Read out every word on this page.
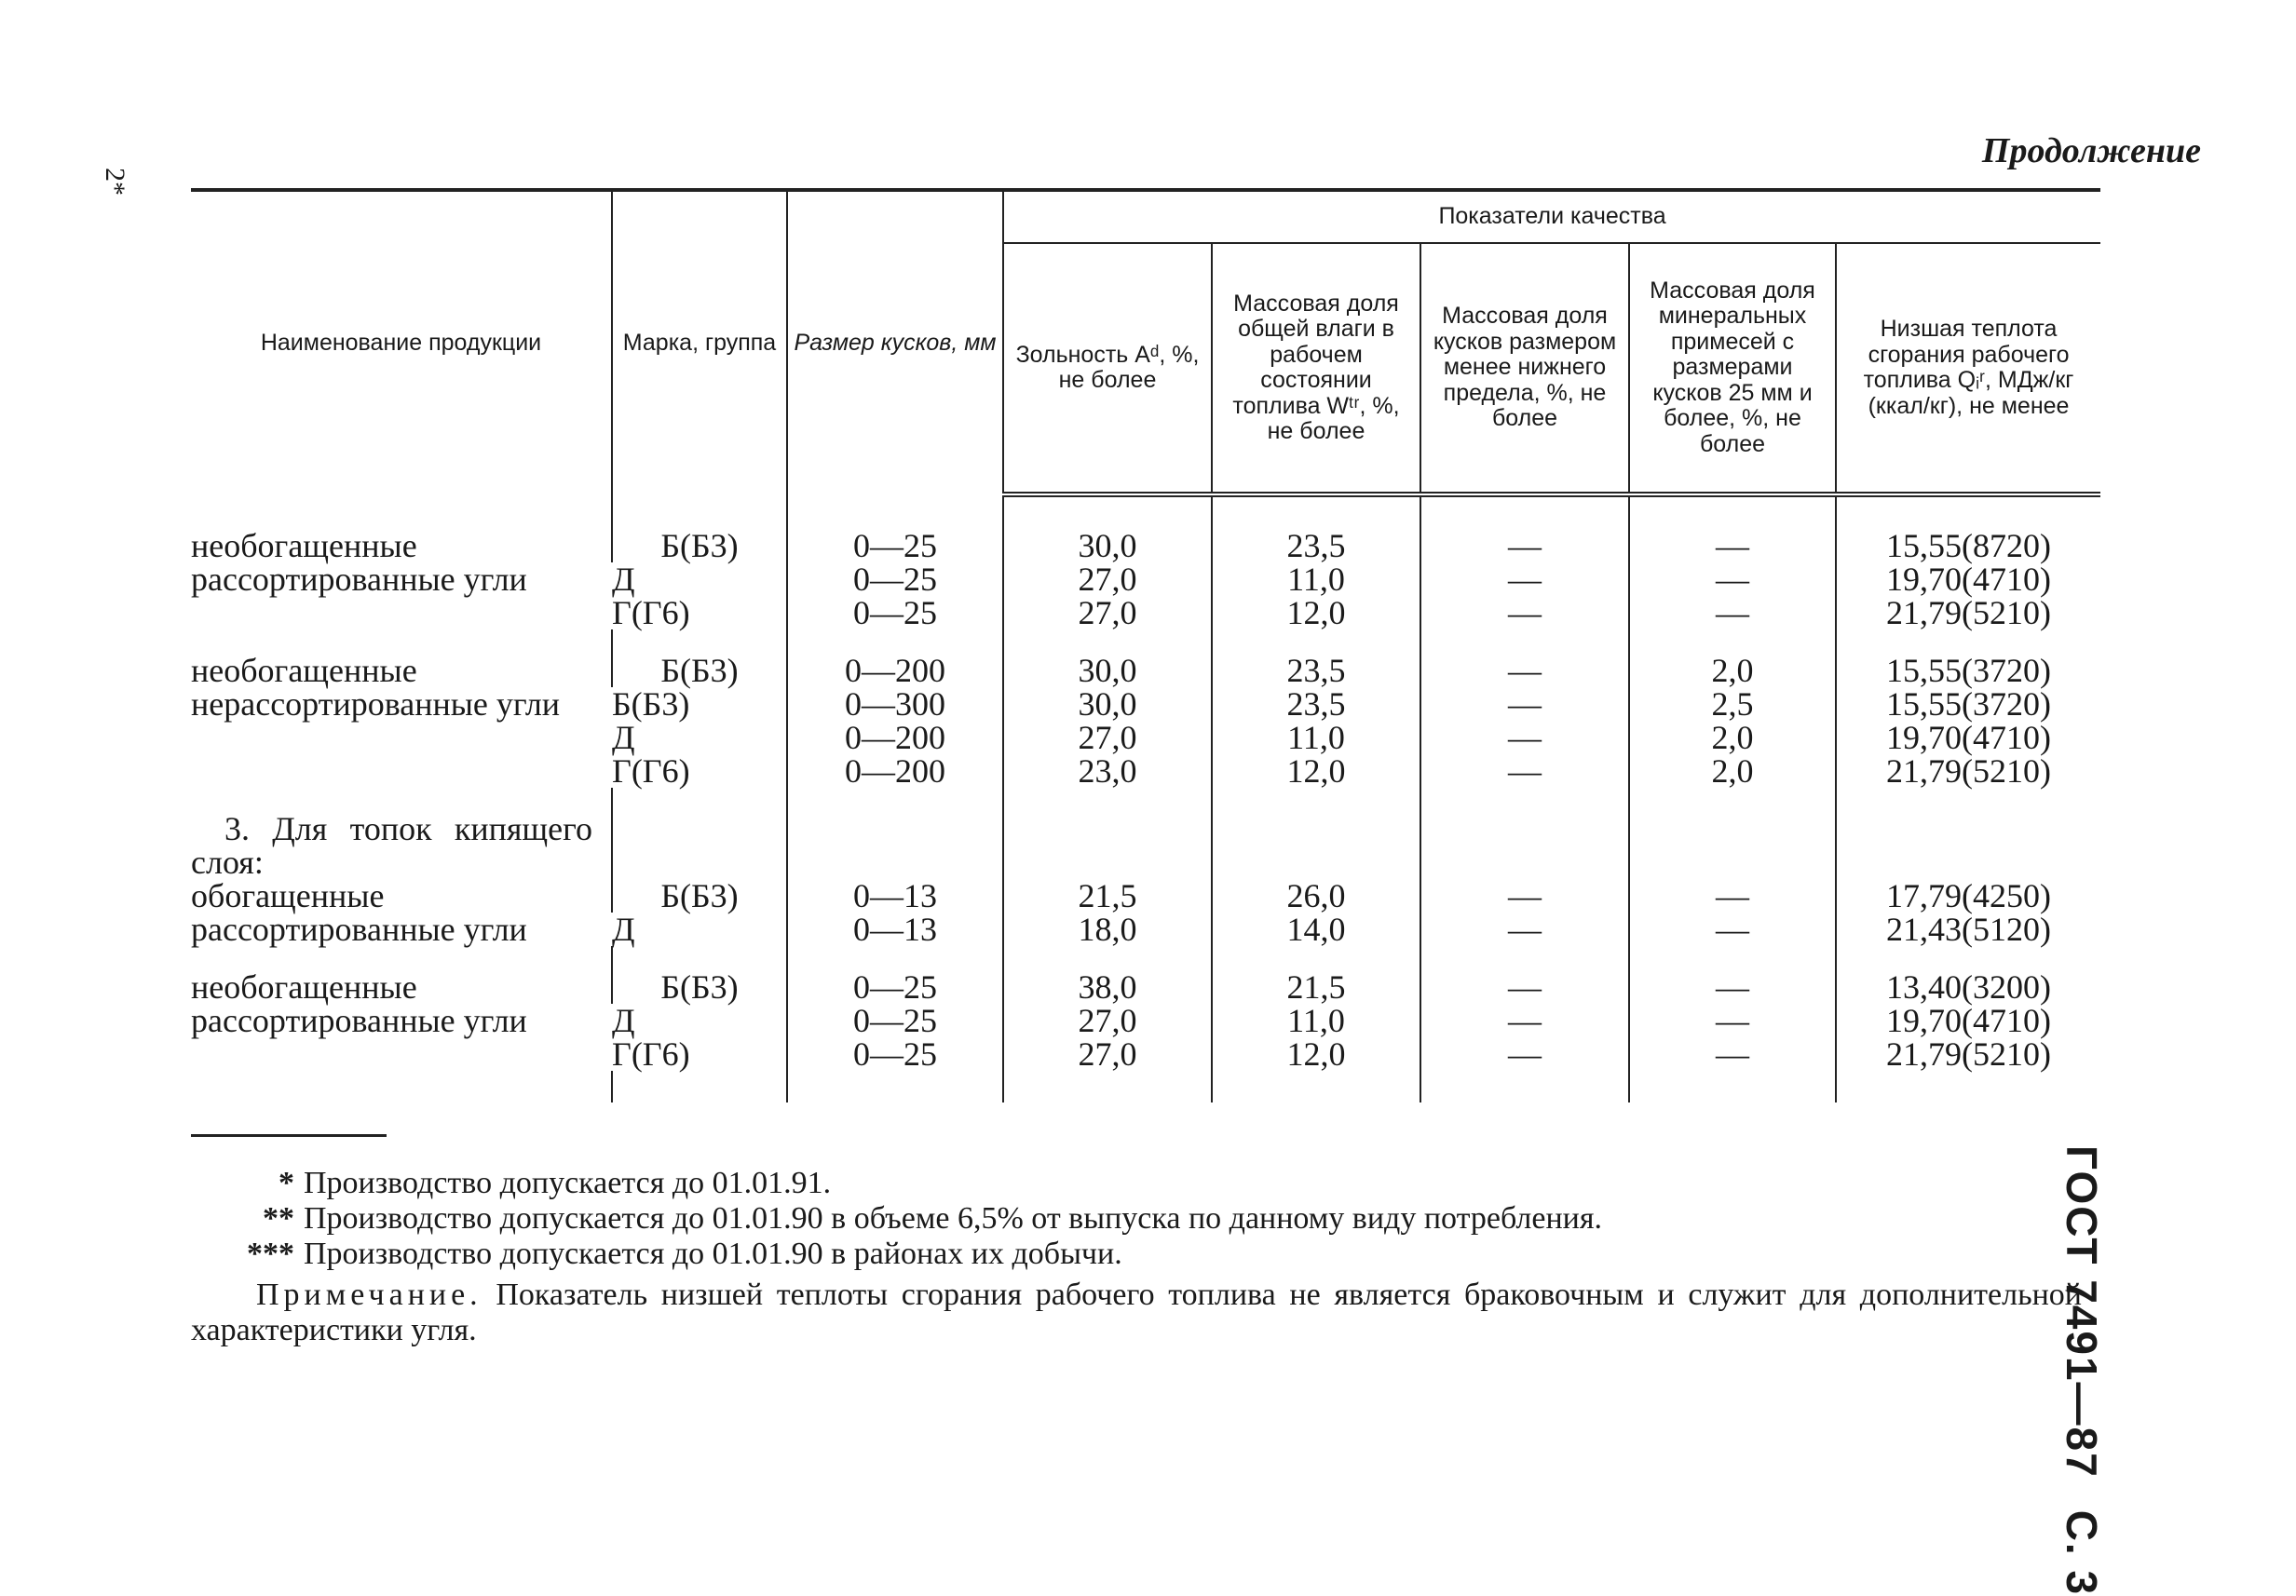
2*
Продолжение
ГОСТ 7491—87С. 3
Наименование продукции	Марка, группа	Размер кусков, мм	Показатели качества				
			Зольность Aᵈ, %, не более	Массовая доля общей влаги в рабочем состоянии топлива Wᵗʳ, %, не более	Массовая доля кусков размером менее нижнего предела, %, не более	Массовая доля минеральных примесей с размерами кусков 25 мм и более, %, не более	Низшая теплота сгорания рабочего топлива Qᵢʳ, МДж/кг (ккал/кг), не менее

необогащенные рассортированные угли	Б(Б3)	0—25	30,0	23,5	—	—	15,55(8720)
	Д	0—25	27,0	11,0	—	—	19,70(4710)
	Г(Г6)	0—25	27,0	12,0	—	—	21,79(5210)

необогащенные нерассортированные угли	Б(Б3)	0—200	30,0	23,5	—	2,0	15,55(3720)
	Б(Б3)	0—300	30,0	23,5	—	2,5	15,55(3720)
	Д	0—200	27,0	11,0	—	2,0	19,70(4710)
	Г(Г6)	0—200	23,0	12,0	—	2,0	21,79(5210)

3. Для топок кипящего слоя:							
обогащенные рассортированные угли	Б(Б3)	0—13	21,5	26,0	—	—	17,79(4250)
	Д	0—13	18,0	14,0	—	—	21,43(5120)

необогащенные рассортированные угли	Б(Б3)	0—25	38,0	21,5	—	—	13,40(3200)
	Д	0—25	27,0	11,0	—	—	19,70(4710)
	Г(Г6)	0—25	27,0	12,0	—	—	21,79(5210)

* Производство допускается до 01.01.91.
** Производство допускается до 01.01.90 в объеме 6,5% от выпуска по данному виду потребления.
*** Производство допускается до 01.01.90 в районах их добычи.
Примечание. Показатель низшей теплоты сгорания рабочего топлива не является браковочным и служит для дополнительной характеристики угля.
